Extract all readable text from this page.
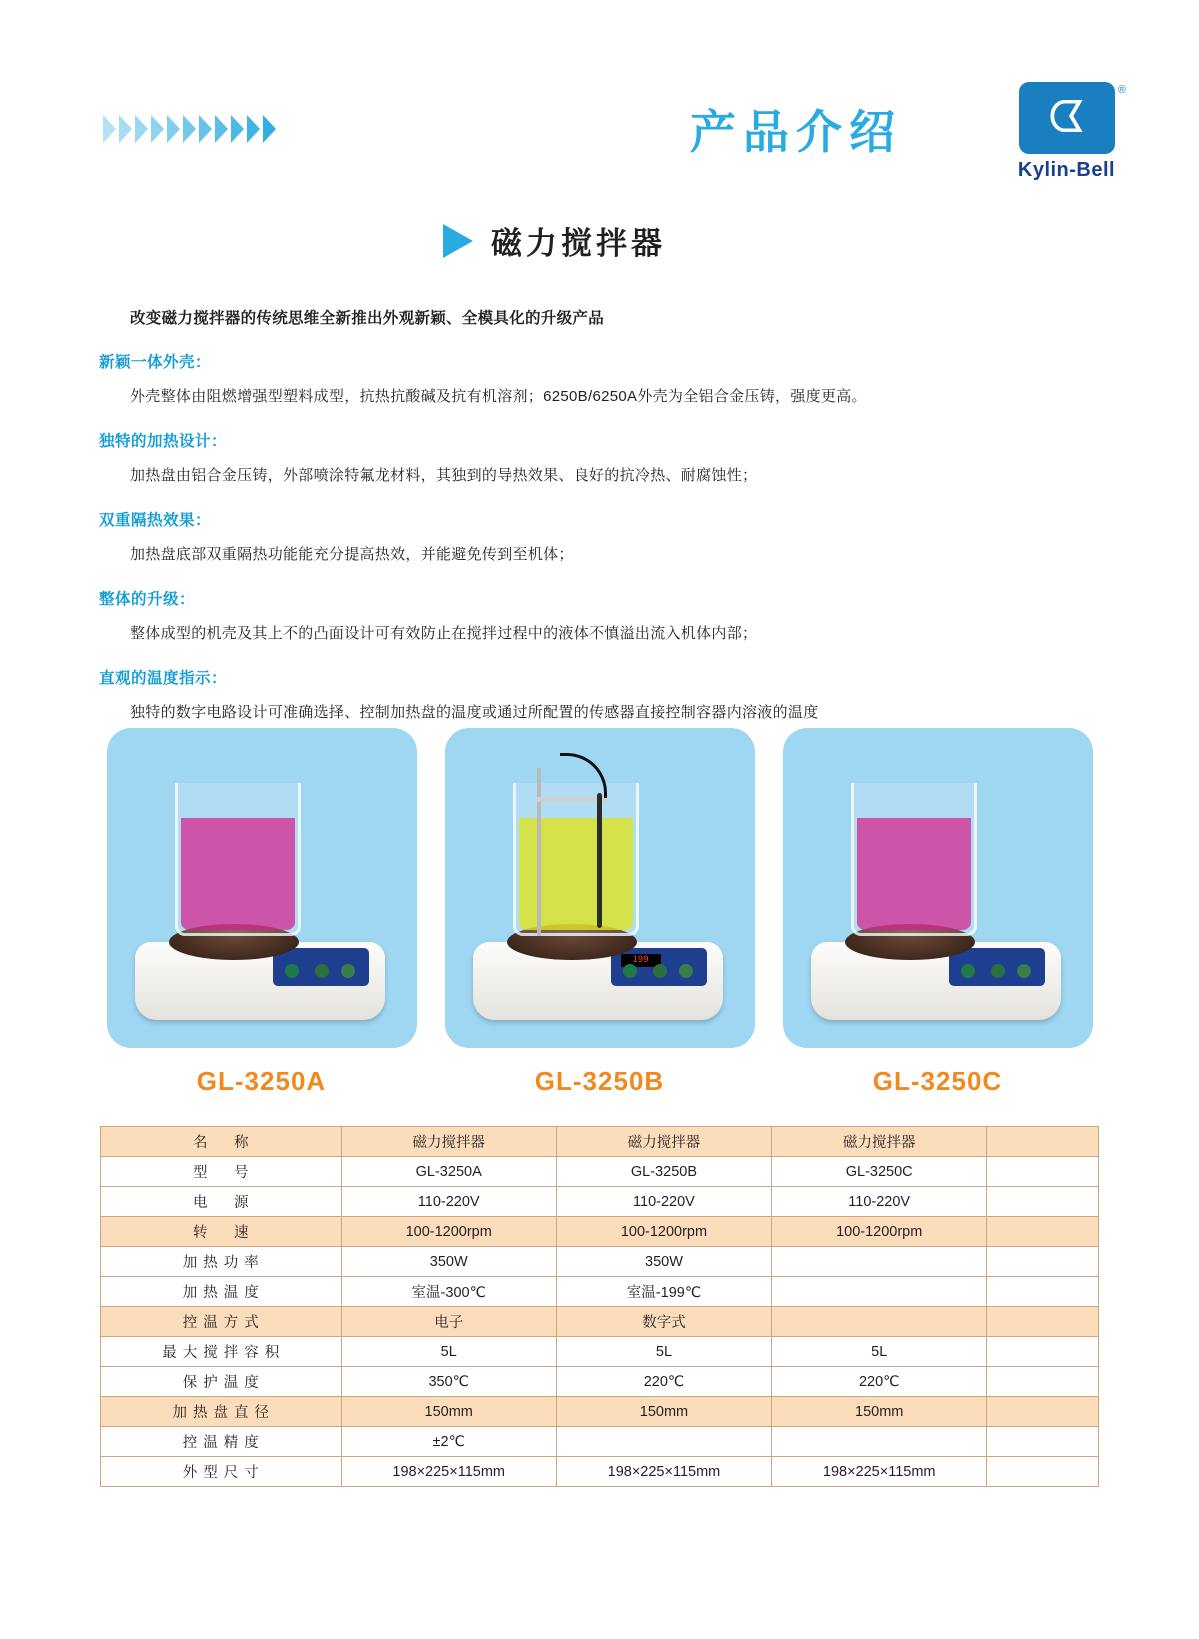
产品介绍	ᗧ
®
Kylin-Bell
磁力搅拌器

改变磁力搅拌器的传统思维全新推出外观新颖、全模具化的升级产品

新颖一体外壳：
外壳整体由阻燃增强型塑料成型，抗热抗酸碱及抗有机溶剂；6250B/6250A外壳为全铝合金压铸，强度更高。
独特的加热设计：
加热盘由铝合金压铸，外部喷涂特氟龙材料，其独到的导热效果、良好的抗冷热、耐腐蚀性；
双重隔热效果：
加热盘底部双重隔热功能能充分提高热效，并能避免传到至机体；
整体的升级：
整体成型的机壳及其上不的凸面设计可有效防止在搅拌过程中的液体不慎溢出流入机体内部；
直观的温度指示：
独特的数字电路设计可准确选择、控制加热盘的温度或通过所配置的传感器直接控制容器内溶液的温度
GL-3250A
199
GL-3250B	GL-3250C
名　称	磁力搅拌器	磁力搅拌器	磁力搅拌器	
型　号	GL-3250A	GL-3250B	GL-3250C	
电　源	110-220V	110-220V	110-220V	
转　速	100-1200rpm	100-1200rpm	100-1200rpm	
加热功率	350W	350W		
加热温度	室温-300℃	室温-199℃		
控温方式	电子	数字式		
最大搅拌容积	5L	5L	5L	
保护温度	350℃	220℃	220℃	
加热盘直径	150mm	150mm	150mm	
控温精度	±2℃			
外型尺寸	198×225×115mm	198×225×115mm	198×225×115mm	
